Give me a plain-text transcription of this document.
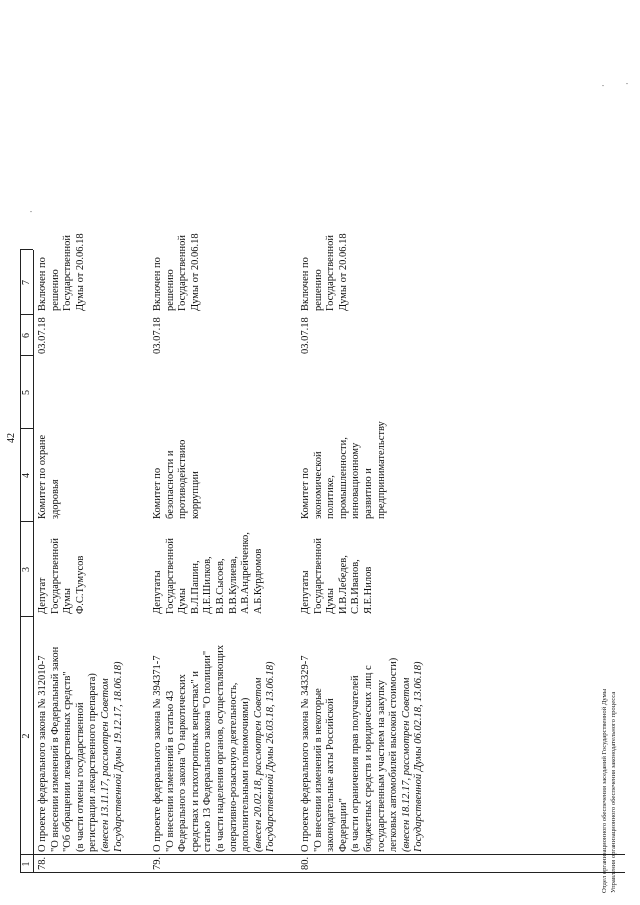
42
1
2
3
4
5
6
7
78.
О проекте федерального закона № 312010-7 "О внесении изменений в Федеральный закон "Об обращении лекарственных средств" (в части отмены государственной регистрации лекарственного препарата) (внесен 13.11.17, рассмотрен Советом Государственной Думы 19.12.17, 18.06.18)
Депутат Государственной Думы Ф.С.Тумусов
Комитет по охране здоровья
03.07.18
Включен по решению Государственной Думы от 20.06.18
79.
О проекте федерального закона № 394371-7 "О внесении изменений в статью 43 Федерального закона "О наркотических средствах и психотропных веществах" и статью 13 Федерального закона "О полиции" (в части наделения органов, осуществляющих оперативно-розыскную деятельность, дополнительными полномочиями) (внесен 20.02.18, рассмотрен Советом Государственной Думы 26.03.18, 13.06.18)
Депутаты Государственной Думы В.Л.Пашин, Д.Е.Шилков, В.В.Сысоев, В.В.Кулиева, А.В.Андрейченко, А.Б.Курдюмов
Комитет по безопасности и противодействию коррупции
03.07.18
Включен по решению Государственной Думы от 20.06.18
80.
О проекте федерального закона № 343329-7 "О внесении изменений в некоторые законодательные акты Российской Федерации" (в части ограничения прав получателей бюджетных средств и юридических лиц с государственным участием на закупку легковых автомобилей высокой стоимости) (внесен 18.12.17, рассмотрен Советом Государственной Думы 06.02.18, 13.06.18)
Депутаты Государственной Думы И.В.Лебедев, С.В.Иванов, Я.Е.Нилов
Комитет по экономической политике, промышленности, инновационному развитию и предпринимательству
03.07.18
Включен по решению Государственной Думы от 20.06.18
Отдел организационного обеспечения заседаний Государственной Думы Управления организационного обеспечения законодательного процесса
·
·
·
